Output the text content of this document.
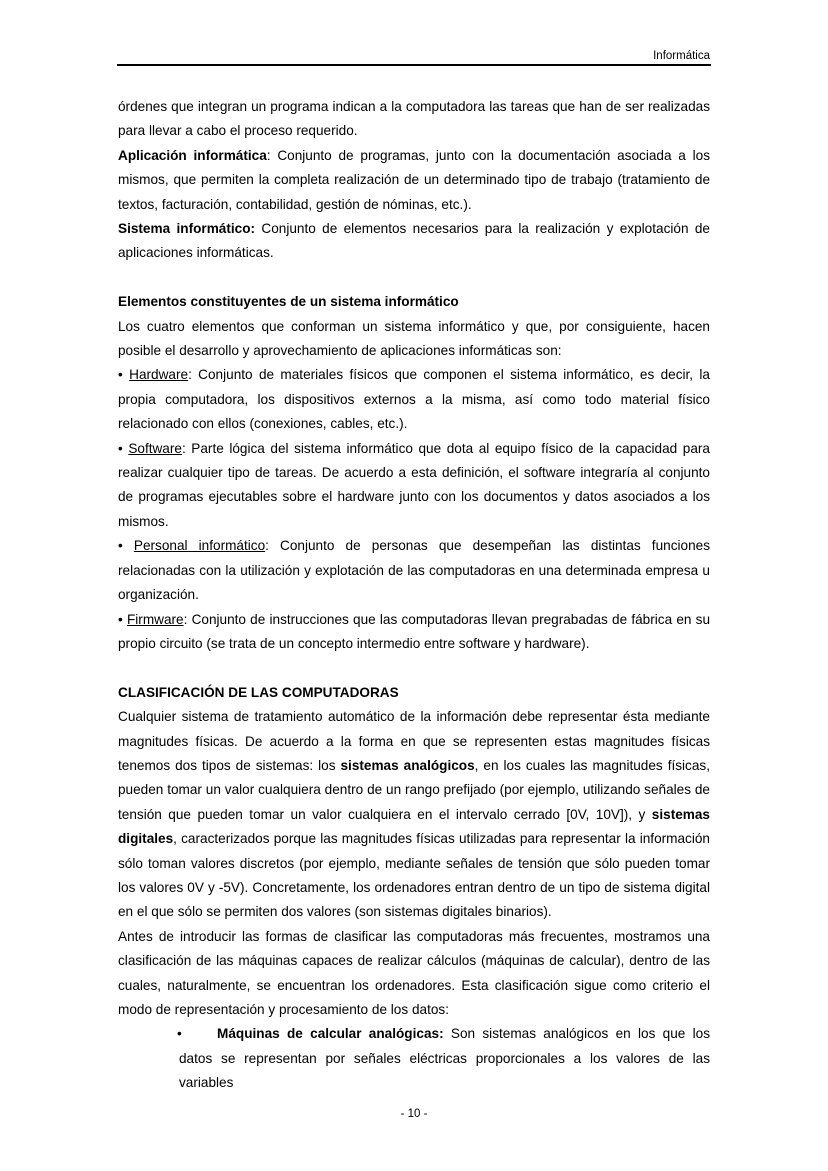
Informática

órdenes que integran un programa indican a la computadora las tareas que han de ser realizadas para llevar a cabo el proceso requerido.

Aplicación informática: Conjunto de programas, junto con la documentación asociada a los mismos, que permiten la completa realización de un determinado tipo de trabajo (tratamiento de textos, facturación, contabilidad, gestión de nóminas, etc.).

Sistema informático: Conjunto de elementos necesarios para la realización y explotación de aplicaciones informáticas.

Elementos constituyentes de un sistema informático

Los cuatro elementos que conforman un sistema informático y que, por consiguiente, hacen posible el desarrollo y aprovechamiento de aplicaciones informáticas son:

• Hardware: Conjunto de materiales físicos que componen el sistema informático, es decir, la propia computadora, los dispositivos externos a la misma, así como todo material físico relacionado con ellos (conexiones, cables, etc.).

• Software: Parte lógica del sistema informático que dota al equipo físico de la capacidad para realizar cualquier tipo de tareas. De acuerdo a esta definición, el software integraría al conjunto de programas ejecutables sobre el hardware junto con los documentos y datos asociados a los mismos.

• Personal informático: Conjunto de personas que desempeñan las distintas funciones relacionadas con la utilización y explotación de las computadoras en una determinada empresa u organización.

• Firmware: Conjunto de instrucciones que las computadoras llevan pregrabadas de fábrica en su propio circuito (se trata de un concepto intermedio entre software y hardware).

CLASIFICACIÓN DE LAS COMPUTADORAS

Cualquier sistema de tratamiento automático de la información debe representar ésta mediante magnitudes físicas. De acuerdo a la forma en que se representen estas magnitudes físicas tenemos dos tipos de sistemas: los sistemas analógicos, en los cuales las magnitudes físicas, pueden tomar un valor cualquiera dentro de un rango prefijado (por ejemplo, utilizando señales de tensión que pueden tomar un valor cualquiera en el intervalo cerrado [0V, 10V]), y sistemas digitales, caracterizados porque las magnitudes físicas utilizadas para representar la información sólo toman valores discretos (por ejemplo, mediante señales de tensión que sólo pueden tomar los valores 0V y -5V). Concretamente, los ordenadores entran dentro de un tipo de sistema digital en el que sólo se permiten dos valores (son sistemas digitales binarios).

Antes de introducir las formas de clasificar las computadoras más frecuentes, mostramos una clasificación de las máquinas capaces de realizar cálculos (máquinas de calcular), dentro de las cuales, naturalmente, se encuentran los ordenadores. Esta clasificación sigue como criterio el modo de representación y procesamiento de los datos:

•	Máquinas de calcular analógicas: Son sistemas analógicos en los que los datos se representan por señales eléctricas proporcionales a los valores de las variables

- 10 -
